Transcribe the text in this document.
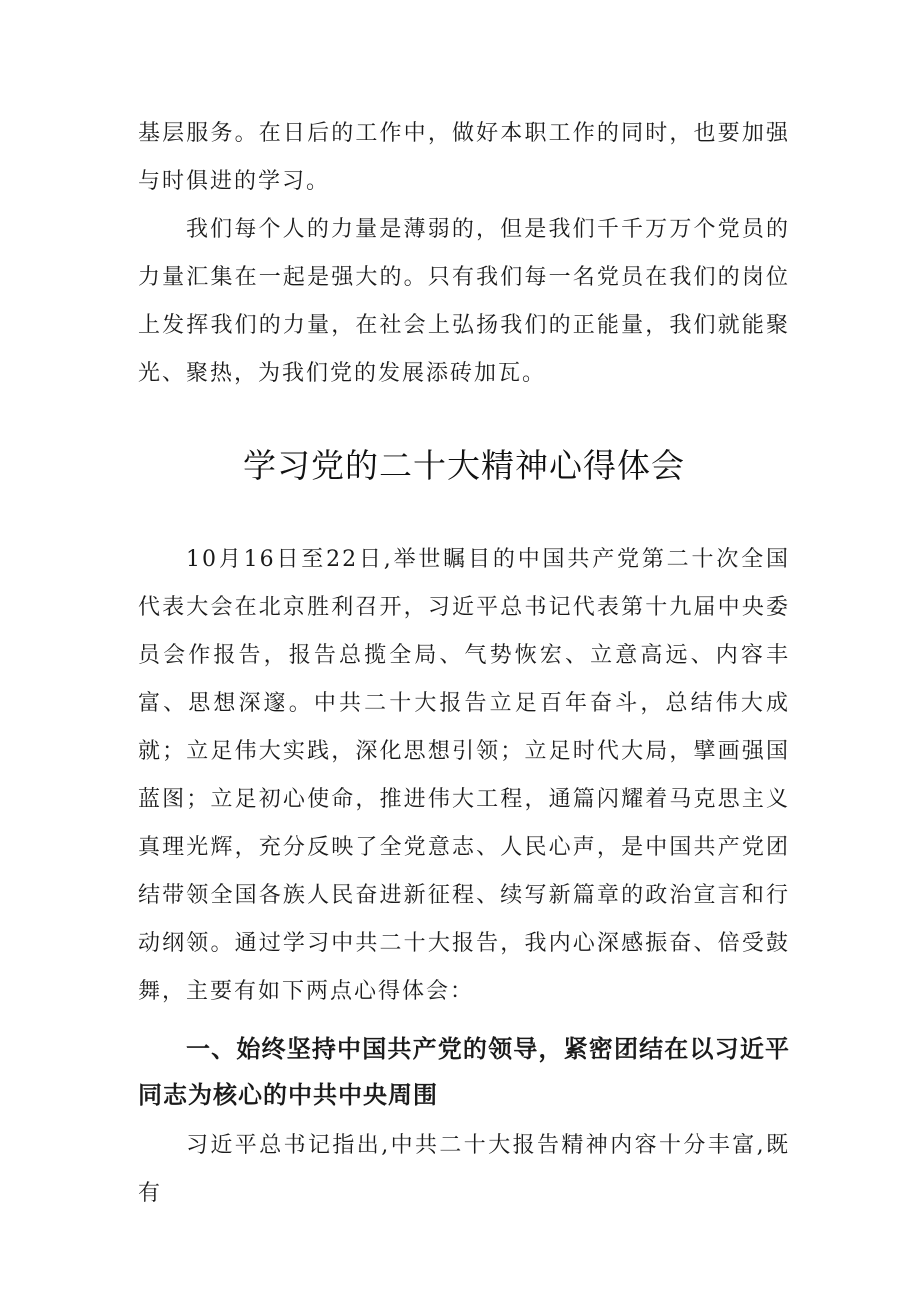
基层服务。在日后的工作中，做好本职工作的同时，也要加强与时俱进的学习。

我们每个人的力量是薄弱的，但是我们千千万万个党员的力量汇集在一起是强大的。只有我们每一名党员在我们的岗位上发挥我们的力量，在社会上弘扬我们的正能量，我们就能聚光、聚热，为我们党的发展添砖加瓦。

学习党的二十大精神心得体会

10月16日至22日,举世瞩目的中国共产党第二十次全国代表大会在北京胜利召开，习近平总书记代表第十九届中央委员会作报告，报告总揽全局、气势恢宏、立意高远、内容丰富、思想深邃。中共二十大报告立足百年奋斗，总结伟大成就；立足伟大实践，深化思想引领；立足时代大局，擘画强国蓝图；立足初心使命，推进伟大工程，通篇闪耀着马克思主义真理光辉，充分反映了全党意志、人民心声，是中国共产党团结带领全国各族人民奋进新征程、续写新篇章的政治宣言和行动纲领。通过学习中共二十大报告，我内心深感振奋、倍受鼓舞，主要有如下两点心得体会：

一、始终坚持中国共产党的领导，紧密团结在以习近平同志为核心的中共中央周围

习近平总书记指出,中共二十大报告精神内容十分丰富,既有
